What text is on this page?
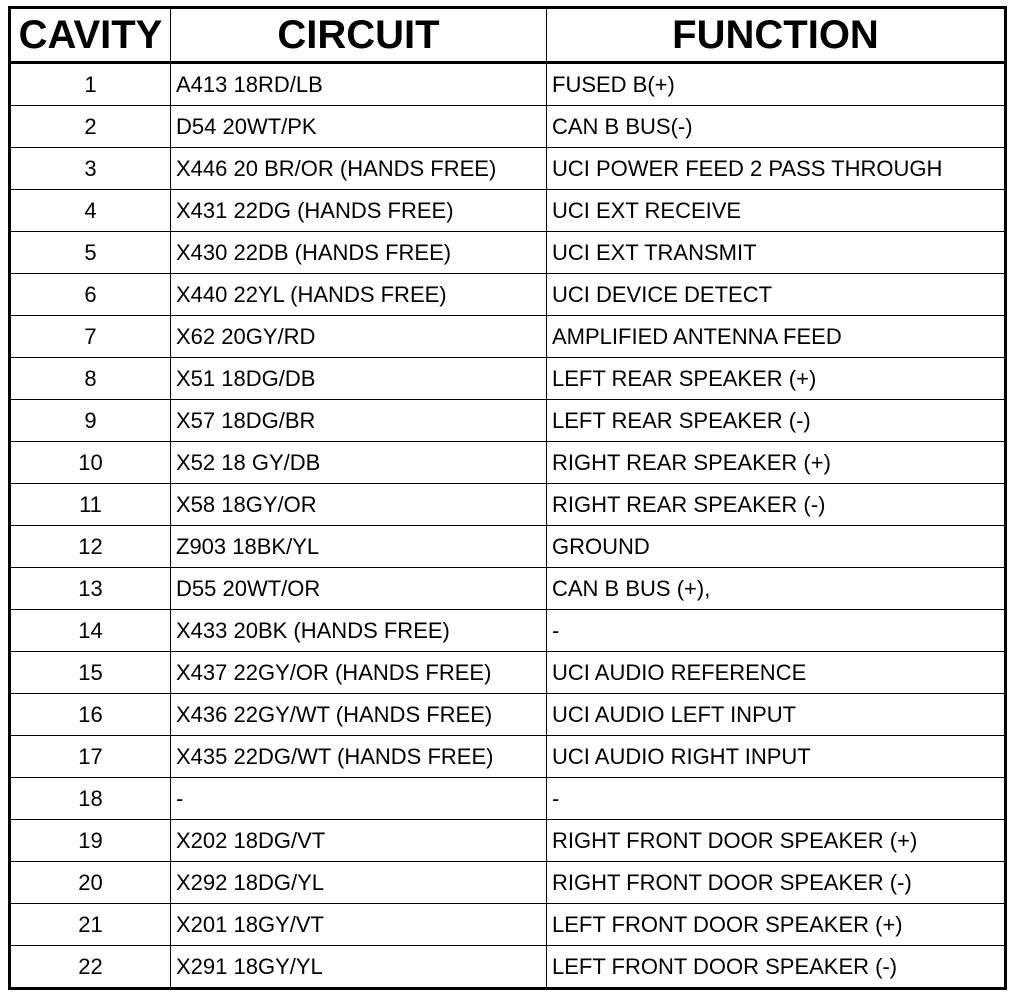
CAVITY	CIRCUIT	FUNCTION
1	A413 18RD/LB	FUSED B(+)
2	D54 20WT/PK	CAN B BUS(-)
3	X446 20 BR/OR (HANDS FREE)	UCI POWER FEED 2 PASS THROUGH
4	X431 22DG (HANDS FREE)	UCI EXT RECEIVE
5	X430 22DB (HANDS FREE)	UCI EXT TRANSMIT
6	X440 22YL (HANDS FREE)	UCI DEVICE DETECT
7	X62 20GY/RD	AMPLIFIED ANTENNA FEED
8	X51 18DG/DB	LEFT REAR SPEAKER (+)
9	X57 18DG/BR	LEFT REAR SPEAKER (-)
10	X52 18 GY/DB	RIGHT REAR SPEAKER (+)
11	X58 18GY/OR	RIGHT REAR SPEAKER (-)
12	Z903 18BK/YL	GROUND
13	D55 20WT/OR	CAN B BUS (+),
14	X433 20BK (HANDS FREE)	-
15	X437 22GY/OR (HANDS FREE)	UCI AUDIO REFERENCE
16	X436 22GY/WT (HANDS FREE)	UCI AUDIO LEFT INPUT
17	X435 22DG/WT (HANDS FREE)	UCI AUDIO RIGHT INPUT
18	-	-
19	X202 18DG/VT	RIGHT FRONT DOOR SPEAKER (+)
20	X292 18DG/YL	RIGHT FRONT DOOR SPEAKER (-)
21	X201 18GY/VT	LEFT FRONT DOOR SPEAKER (+)
22	X291 18GY/YL	LEFT FRONT DOOR SPEAKER (-)
